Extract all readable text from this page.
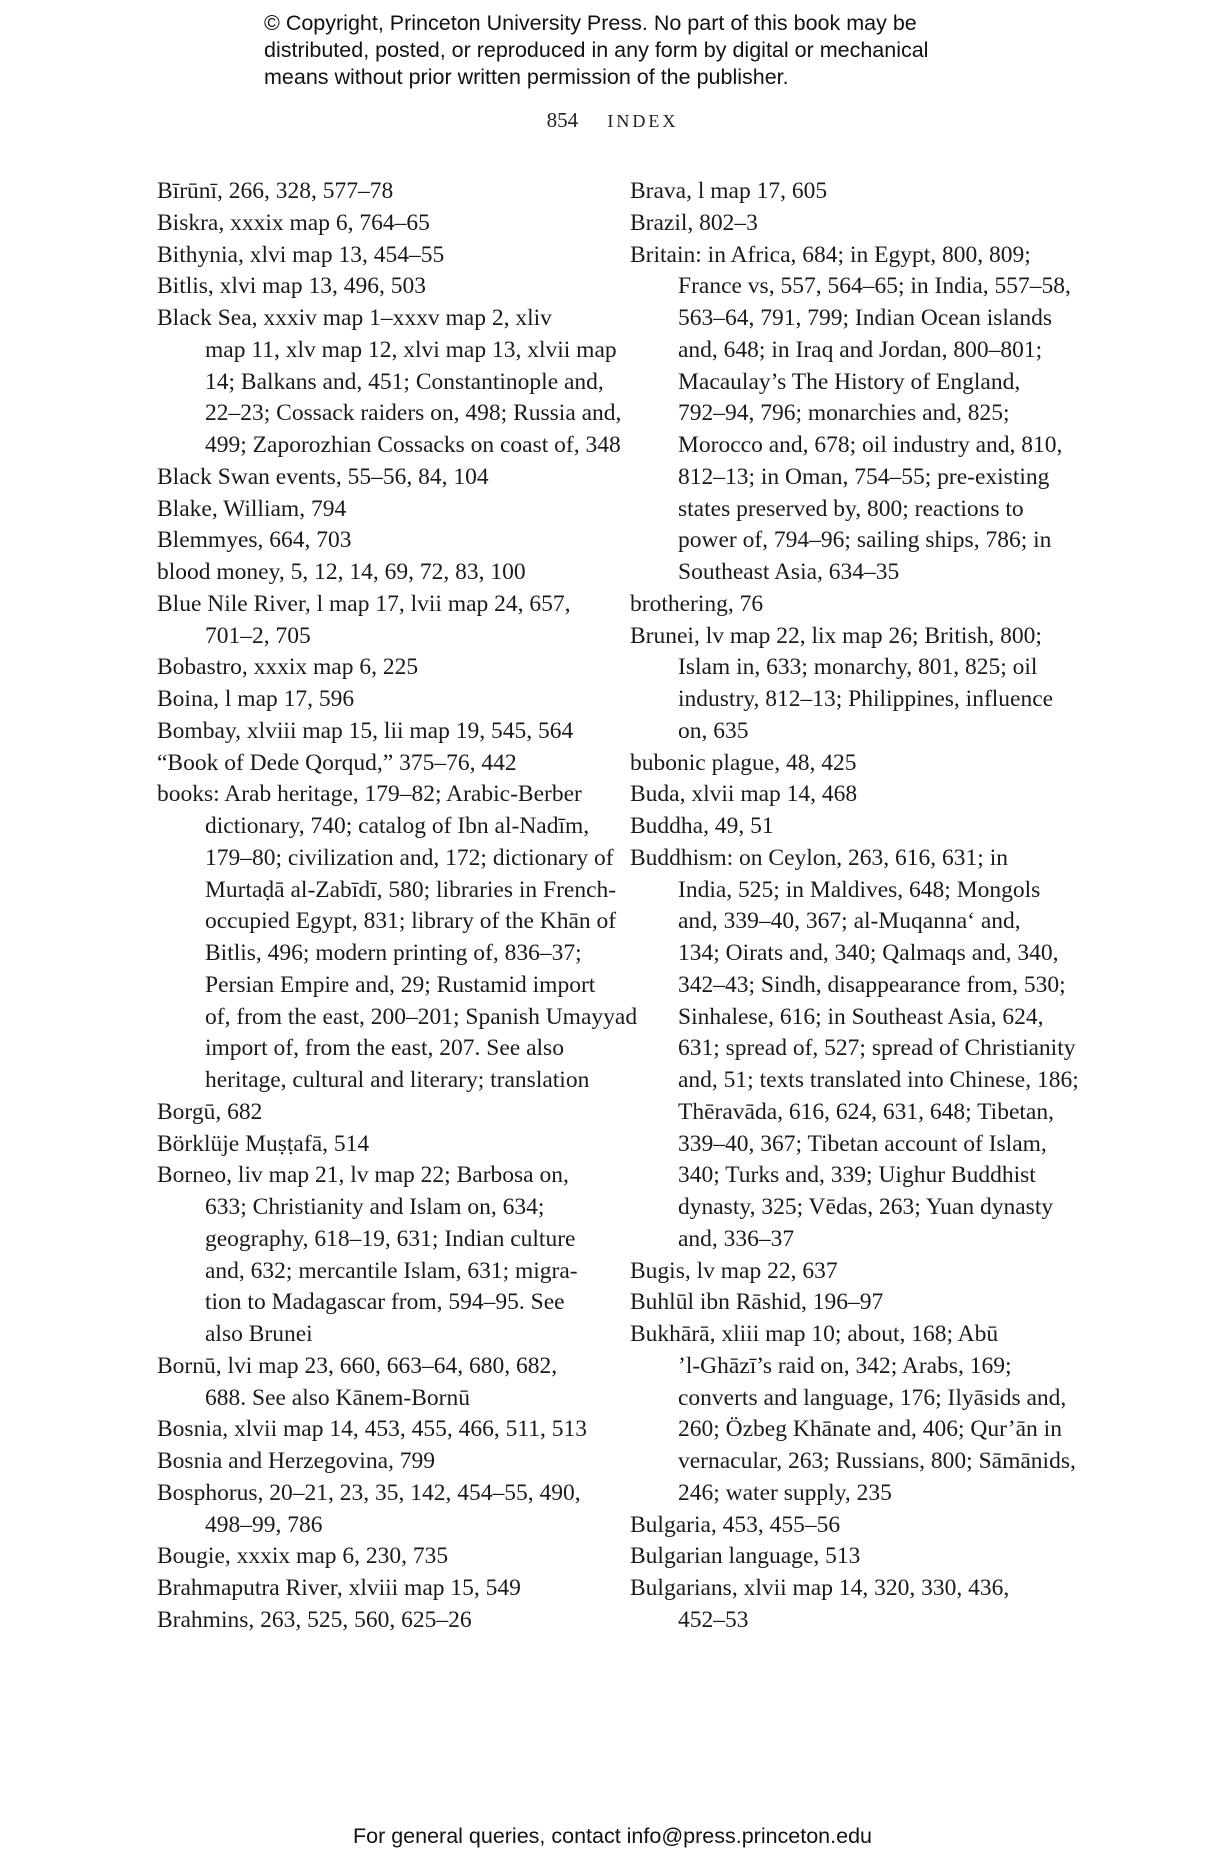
© Copyright, Princeton University Press. No part of this book may be
distributed, posted, or reproduced in any form by digital or mechanical
means without prior written permission of the publisher.
854 INDEX
Bīrūnī, 266, 328, 577–78
Biskra, xxxix map 6, 764–65
Bithynia, xlvi map 13, 454–55
Bitlis, xlvi map 13, 496, 503
Black Sea, xxxiv map 1–xxxv map 2, xliv
map 11, xlv map 12, xlvi map 13, xlvii map
14; Balkans and, 451; Constantinople and,
22–23; Cossack raiders on, 498; Russia and,
499; Zaporozhian Cossacks on coast of, 348
Black Swan events, 55–56, 84, 104
Blake, William, 794
Blemmyes, 664, 703
blood money, 5, 12, 14, 69, 72, 83, 100
Blue Nile River, l map 17, lvii map 24, 657,
701–2, 705
Bobastro, xxxix map 6, 225
Boina, l map 17, 596
Bombay, xlviii map 15, lii map 19, 545, 564
“Book of Dede Qorqud,” 375–76, 442
books: Arab heritage, 179–82; Arabic-Berber
dictionary, 740; catalog of Ibn al-Nadīm,
179–80; civilization and, 172; dictionary of
Murtaḍā al-Zabīdī, 580; libraries in French-
occupied Egypt, 831; library of the Khān of
Bitlis, 496; modern printing of, 836–37;
Persian Empire and, 29; Rustamid import
of, from the east, 200–201; Spanish Umayyad
import of, from the east, 207. See also
heritage, cultural and literary; translation
Borgū, 682
Börklüje Muṣṭafā, 514
Borneo, liv map 21, lv map 22; Barbosa on,
633; Christianity and Islam on, 634;
geography, 618–19, 631; Indian culture
and, 632; mercantile Islam, 631; migra-
tion to Madagascar from, 594–95. See
also Brunei
Bornū, lvi map 23, 660, 663–64, 680, 682,
688. See also Kānem-Bornū
Bosnia, xlvii map 14, 453, 455, 466, 511, 513
Bosnia and Herzegovina, 799
Bosphorus, 20–21, 23, 35, 142, 454–55, 490,
498–99, 786
Bougie, xxxix map 6, 230, 735
Brahmaputra River, xlviii map 15, 549
Brahmins, 263, 525, 560, 625–26
Brava, l map 17, 605
Brazil, 802–3
Britain: in Africa, 684; in Egypt, 800, 809;
France vs, 557, 564–65; in India, 557–58,
563–64, 791, 799; Indian Ocean islands
and, 648; in Iraq and Jordan, 800–801;
Macaulay’s The History of England,
792–94, 796; monarchies and, 825;
Morocco and, 678; oil industry and, 810,
812–13; in Oman, 754–55; pre-existing
states preserved by, 800; reactions to
power of, 794–96; sailing ships, 786; in
Southeast Asia, 634–35
brothering, 76
Brunei, lv map 22, lix map 26; British, 800;
Islam in, 633; monarchy, 801, 825; oil
industry, 812–13; Philippines, influence
on, 635
bubonic plague, 48, 425
Buda, xlvii map 14, 468
Buddha, 49, 51
Buddhism: on Ceylon, 263, 616, 631; in
India, 525; in Maldives, 648; Mongols
and, 339–40, 367; al-Muqanna‘ and,
134; Oirats and, 340; Qalmaqs and, 340,
342–43; Sindh, disappearance from, 530;
Sinhalese, 616; in Southeast Asia, 624,
631; spread of, 527; spread of Christianity
and, 51; texts translated into Chinese, 186;
Thēravāda, 616, 624, 631, 648; Tibetan,
339–40, 367; Tibetan account of Islam,
340; Turks and, 339; Uighur Buddhist
dynasty, 325; Vēdas, 263; Yuan dynasty
and, 336–37
Bugis, lv map 22, 637
Buhlūl ibn Rāshid, 196–97
Bukhārā, xliii map 10; about, 168; Abū
’l-Ghāzī’s raid on, 342; Arabs, 169;
converts and language, 176; Ilyāsids and,
260; Özbeg Khānate and, 406; Qur’ān in
vernacular, 263; Russians, 800; Sāmānids,
246; water supply, 235
Bulgaria, 453, 455–56
Bulgarian language, 513
Bulgarians, xlvii map 14, 320, 330, 436,
452–53
For general queries, contact info@press.princeton.edu
